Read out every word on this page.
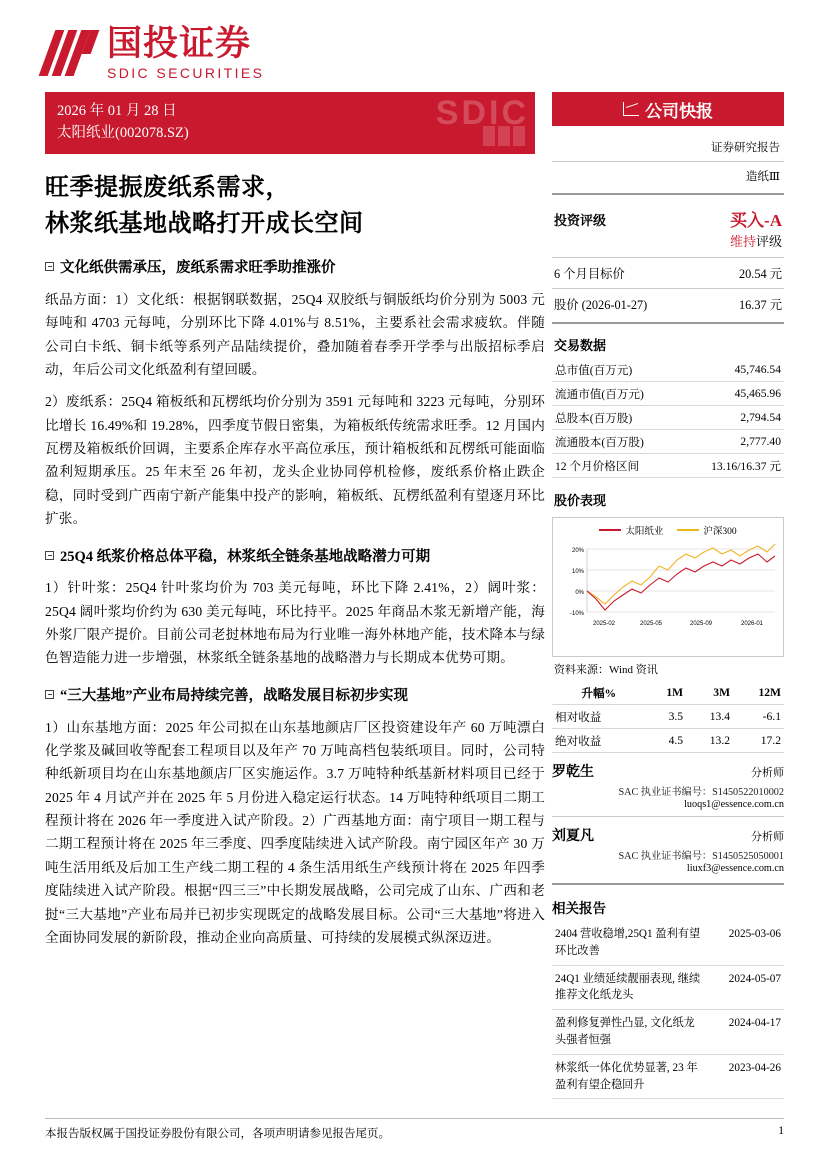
国投证券
SDIC SECURITIES
2026 年 01 月 28 日
太阳纸业(002078.SZ)
SDIC
旺季提振废纸系需求，
林浆纸基地战略打开成长空间
文化纸供需承压，废纸系需求旺季助推涨价

纸品方面：1）文化纸：根据钢联数据，25Q4 双胶纸与铜版纸均价分别为 5003 元每吨和 4703 元每吨，分别环比下降 4.01%与 8.51%，主要系社会需求疲软。伴随公司白卡纸、铜卡纸等系列产品陆续提价，叠加随着春季开学季与出版招标季启动，年后公司文化纸盈利有望回暖。

2）废纸系：25Q4 箱板纸和瓦楞纸均价分别为 3591 元每吨和 3223 元每吨，分别环比增长 16.49%和 19.28%，四季度节假日密集，为箱板纸传统需求旺季。12 月国内瓦楞及箱板纸价回调，主要系企库存水平高位承压，预计箱板纸和瓦楞纸可能面临盈利短期承压。25 年末至 26 年初，龙头企业协同停机检修，废纸系价格止跌企稳，同时受到广西南宁新产能集中投产的影响，箱板纸、瓦楞纸盈利有望逐月环比扩张。

25Q4 纸浆价格总体平稳，林浆纸全链条基地战略潜力可期

1）针叶浆：25Q4 针叶浆均价为 703 美元每吨，环比下降 2.41%，2）阔叶浆：25Q4 阔叶浆均价约为 630 美元每吨，环比持平。2025 年商品木浆无新增产能，海外浆厂限产提价。目前公司老挝林地布局为行业唯一海外林地产能，技术降本与绿色智造能力进一步增强，林浆纸全链条基地的战略潜力与长期成本优势可期。

“三大基地”产业布局持续完善，战略发展目标初步实现

1）山东基地方面：2025 年公司拟在山东基地颜店厂区投资建设年产 60 万吨漂白化学浆及碱回收等配套工程项目以及年产 70 万吨高档包装纸项目。同时，公司特种纸新项目均在山东基地颜店厂区实施运作。3.7 万吨特种纸基新材料项目已经于 2025 年 4 月试产并在 2025 年 5 月份进入稳定运行状态。14 万吨特种纸项目二期工程预计将在 2026 年一季度进入试产阶段。2）广西基地方面：南宁项目一期工程与二期工程预计将在 2025 年三季度、四季度陆续进入试产阶段。南宁园区年产 30 万吨生活用纸及后加工生产线二期工程的 4 条生活用纸生产线预计将在 2025 年四季度陆续进入试产阶段。根据“四三三”中长期发展战略，公司完成了山东、广西和老挝“三大基地”产业布局并已初步实现既定的战略发展目标。公司“三大基地”将进入全面协同发展的新阶段，推动企业向高质量、可持续的发展模式纵深迈进。

公司快报
证券研究报告
造纸Ⅲ
投资评级	买入-A
维持评级
6 个月目标价	20.54 元
股价 (2026-01-27)	16.37 元
交易数据
总市值(百万元)	45,746.54
流通市值(百万元)	45,465.96
总股本(百万股)	2,794.54
流通股本(百万股)	2,777.40
12 个月价格区间	13.16/16.37 元
股价表现
太阳纸业	沪深300
20%
10%
0%
-10%
2025-02	2025-05	2025-09	2026-01
资料来源：Wind 资讯
升幅%	1M	3M	12M
相对收益	3.5	13.4	-6.1
绝对收益	4.5	13.2	17.2
罗乾生	分析师
SAC 执业证书编号：S1450522010002
luoqs1@essence.com.cn
刘夏凡	分析师
SAC 执业证书编号：S1450525050001
liuxf3@essence.com.cn
相关报告
2404 营收稳增,25Q1 盈利有望环比改善	2025-03-06
24Q1 业绩延续靓丽表现, 继续推荐文化纸龙头	2024-05-07
盈利修复弹性凸显, 文化纸龙头强者恒强	2024-04-17
林浆纸一体化优势显著, 23 年盈利有望企稳回升	2023-04-26
本报告版权属于国投证券股份有限公司，各项声明请参见报告尾页。	1
